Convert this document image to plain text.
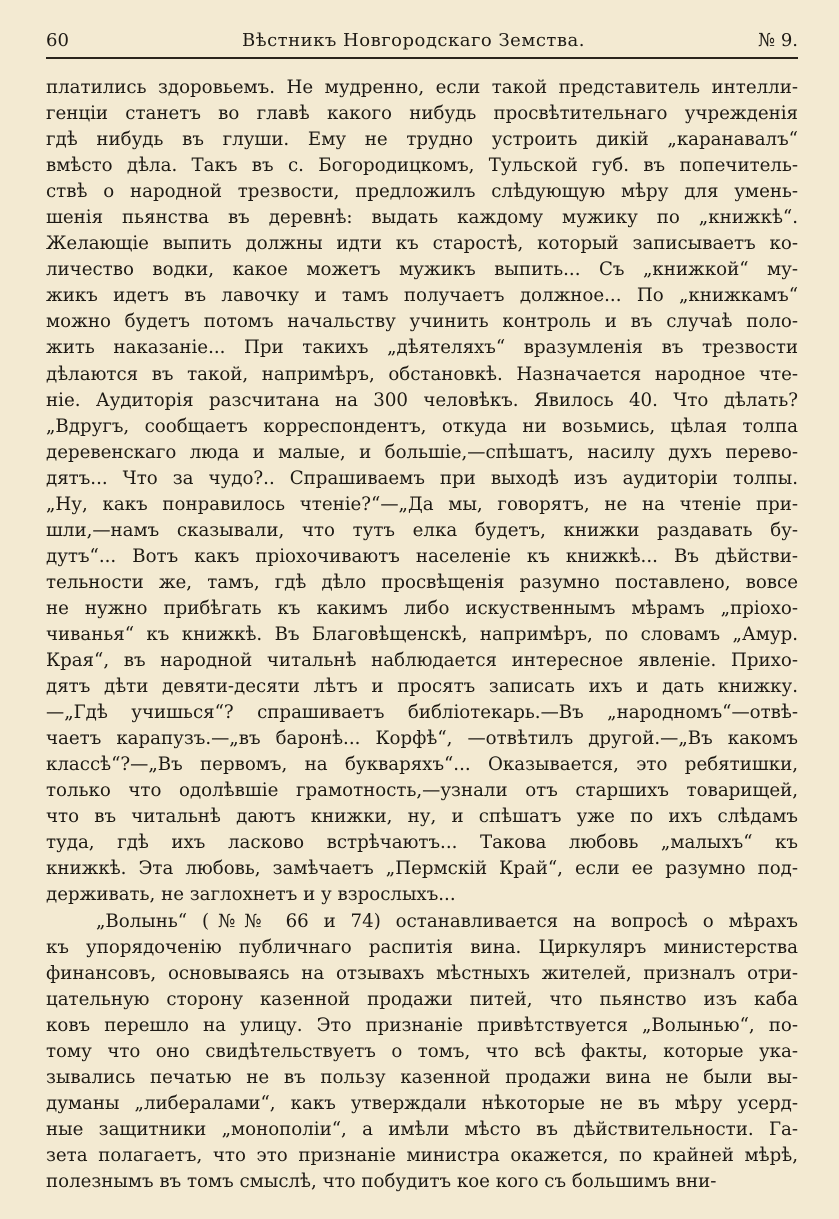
60	Вѣстникъ Новгородскаго Земства.	№ 9.
платились здоровьемъ. Не мудренно, если такой представитель интелли-
генціи станетъ во главѣ какого нибудь просвѣтительнаго учрежденія
гдѣ нибудь въ глуши. Ему не трудно устроить дикій „каранавалъ“
вмѣсто дѣла. Такъ въ с. Богородицкомъ, Тульской губ. въ попечитель-
ствѣ о народной трезвости, предложилъ слѣдующую мѣру для умень-
шенія пьянства въ деревнѣ: выдать каждому мужику по „книжкѣ“.
Желающіе выпить должны идти къ старостѣ, который записываетъ ко-
личество водки, какое можетъ мужикъ выпить... Съ „книжкой“ му-
жикъ идетъ въ лавочку и тамъ получаетъ должное... По „книжкамъ“
можно будетъ потомъ начальству учинить контроль и въ случаѣ поло-
жить наказаніе... При такихъ „дѣятеляхъ“ вразумленія въ трезвости
дѣлаются въ такой, напримѣръ, обстановкѣ. Назначается народное чте-
ніе. Аудиторія разсчитана на 300 человѣкъ. Явилось 40. Что дѣлать?
„Вдругъ, сообщаетъ корреспондентъ, откуда ни возьмись, цѣлая толпа
деревенскаго люда и малые, и большіе,—спѣшатъ, насилу духъ перево-
дятъ... Что за чудо?.. Спрашиваемъ при выходѣ изъ аудиторіи толпы.
„Ну, какъ понравилось чтеніе?“—„Да мы, говорятъ, не на чтеніе при-
шли,—намъ сказывали, что тутъ елка будетъ, книжки раздавать бу-
дутъ“... Вотъ какъ пріохочиваютъ населеніе къ книжкѣ... Въ дѣйстви-
тельности же, тамъ, гдѣ дѣло просвѣщенія разумно поставлено, вовсе
не нужно прибѣгать къ какимъ либо искуственнымъ мѣрамъ „пріохо-
чиванья“ къ книжкѣ. Въ Благовѣщенскѣ, напримѣръ, по словамъ „Амур.
Края“, въ народной читальнѣ наблюдается интересное явленіе. Прихо-
дятъ дѣти девяти-десяти лѣтъ и просятъ записать ихъ и дать книжку.
—„Гдѣ учишься“? спрашиваетъ библіотекарь.—Въ „народномъ“—отвѣ-
чаетъ карапузъ.—„въ баронѣ... Корфѣ“, —отвѣтилъ другой.—„Въ какомъ
классѣ“?—„Въ первомъ, на букваряхъ“... Оказывается, это ребятишки,
только что одолѣвшіе грамотность,—узнали отъ старшихъ товарищей,
что въ читальнѣ даютъ книжки, ну, и спѣшатъ уже по ихъ слѣдамъ
туда, гдѣ ихъ ласково встрѣчаютъ... Такова любовь „малыхъ“ къ
книжкѣ. Эта любовь, замѣчаетъ „Пермскій Край“, если ее разумно под-
держивать, не заглохнетъ и у взрослыхъ...
„Волынь“ (№№ 66 и 74) останавливается на вопросѣ о мѣрахъ
къ упорядоченію публичнаго распитія вина. Циркуляръ министерства
финансовъ, основываясь на отзывахъ мѣстныхъ жителей, призналъ отри-
цательную сторону казенной продажи питей, что пьянство изъ каба
ковъ перешло на улицу. Это признаніе привѣтствуется „Волынью“, по-
тому что оно свидѣтельствуетъ о томъ, что всѣ факты, которые ука-
зывались печатью не въ пользу казенной продажи вина не были вы-
думаны „либералами“, какъ утверждали нѣкоторые не въ мѣру усерд-
ные защитники „монополіи“, а имѣли мѣсто въ дѣйствительности. Га-
зета полагаетъ, что это признаніе министра окажется, по крайней мѣрѣ,
полезнымъ въ томъ смыслѣ, что побудитъ кое кого съ большимъ вни-
